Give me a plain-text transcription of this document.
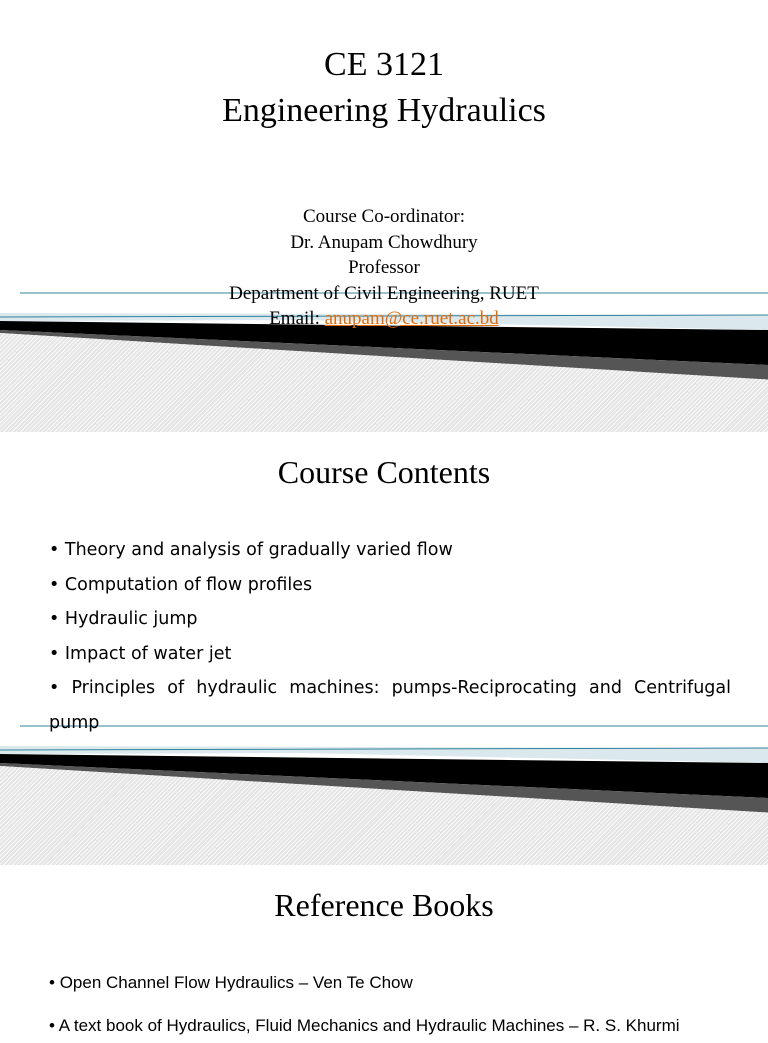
CE 3121
Engineering Hydraulics
Course Co-ordinator:
Dr. Anupam Chowdhury
Professor
Department of Civil Engineering, RUET
Email: anupam@ce.ruet.ac.bd
Course Contents
• Theory and analysis of gradually varied flow
• Computation of flow profiles
• Hydraulic jump
• Impact of water jet
• Principles of hydraulic machines: pumps-Reciprocating and Centrifugal pump
Reference Books
• Open Channel Flow Hydraulics – Ven Te Chow
• A text book of Hydraulics, Fluid Mechanics and Hydraulic Machines – R. S. Khurmi
